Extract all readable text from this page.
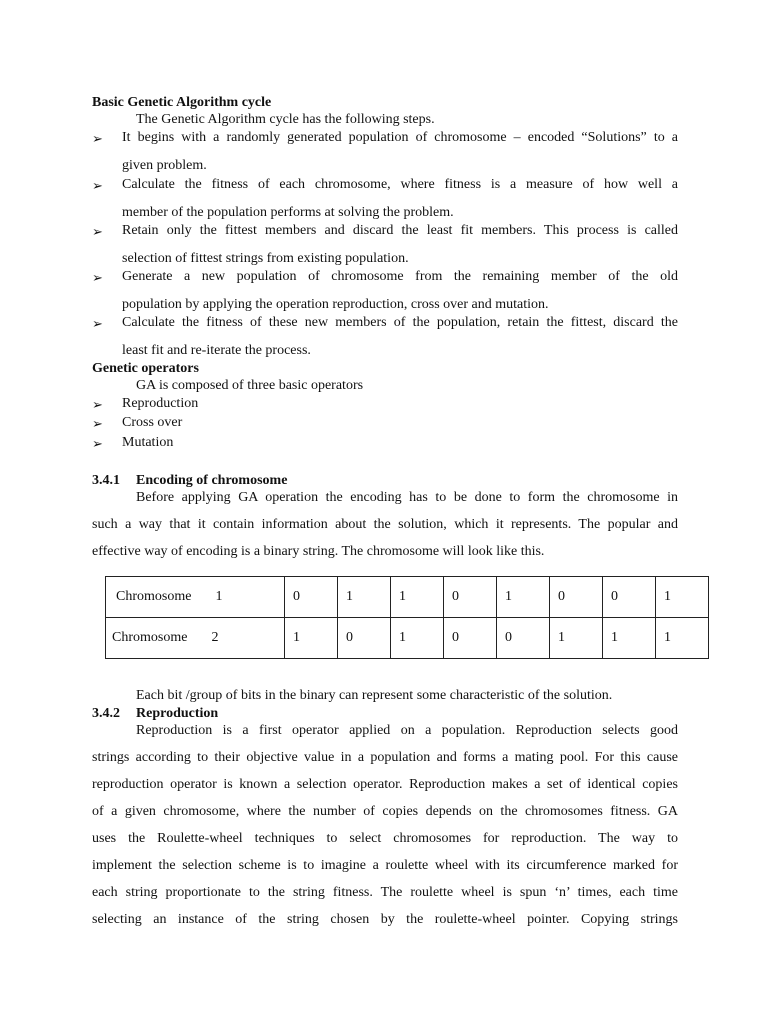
Basic Genetic Algorithm cycle
The Genetic Algorithm cycle has the following steps.
➢ It begins with a randomly generated population of chromosome – encoded “Solutions” to a
given problem.
➢ Calculate the fitness of each chromosome, where fitness is a measure of how well a
member of the population performs at solving the problem.
➢ Retain only the fittest members and discard the least fit members. This process is called
selection of fittest strings from existing population.
➢ Generate a new population of chromosome from the remaining member of the old
population by applying the operation reproduction, cross over and mutation.
➢ Calculate the fitness of these new members of the population, retain the fittest, discard the
least fit and re-iterate the process.
Genetic operators
GA is composed of three basic operators
➢ Reproduction
➢ Cross over
➢ Mutation
3.4.1 Encoding of chromosome
Before applying GA operation the encoding has to be done to form the chromosome in
such a way that it contain information about the solution, which it represents. The popular and
effective way of encoding is a binary string. The chromosome will look like this.
Chromosome 1	0	1	1	0	1	0	0	1
Chromosome 2	1	0	1	0	0	1	1	1
Each bit /group of bits in the binary can represent some characteristic of the solution.
3.4.2 Reproduction
Reproduction is a first operator applied on a population. Reproduction selects good
strings according to their objective value in a population and forms a mating pool. For this cause
reproduction operator is known a selection operator. Reproduction makes a set of identical copies
of a given chromosome, where the number of copies depends on the chromosomes fitness. GA
uses the Roulette-wheel techniques to select chromosomes for reproduction. The way to
implement the selection scheme is to imagine a roulette wheel with its circumference marked for
each string proportionate to the string fitness. The roulette wheel is spun ‘n’ times, each time
selecting an instance of the string chosen by the roulette-wheel pointer. Copying strings
